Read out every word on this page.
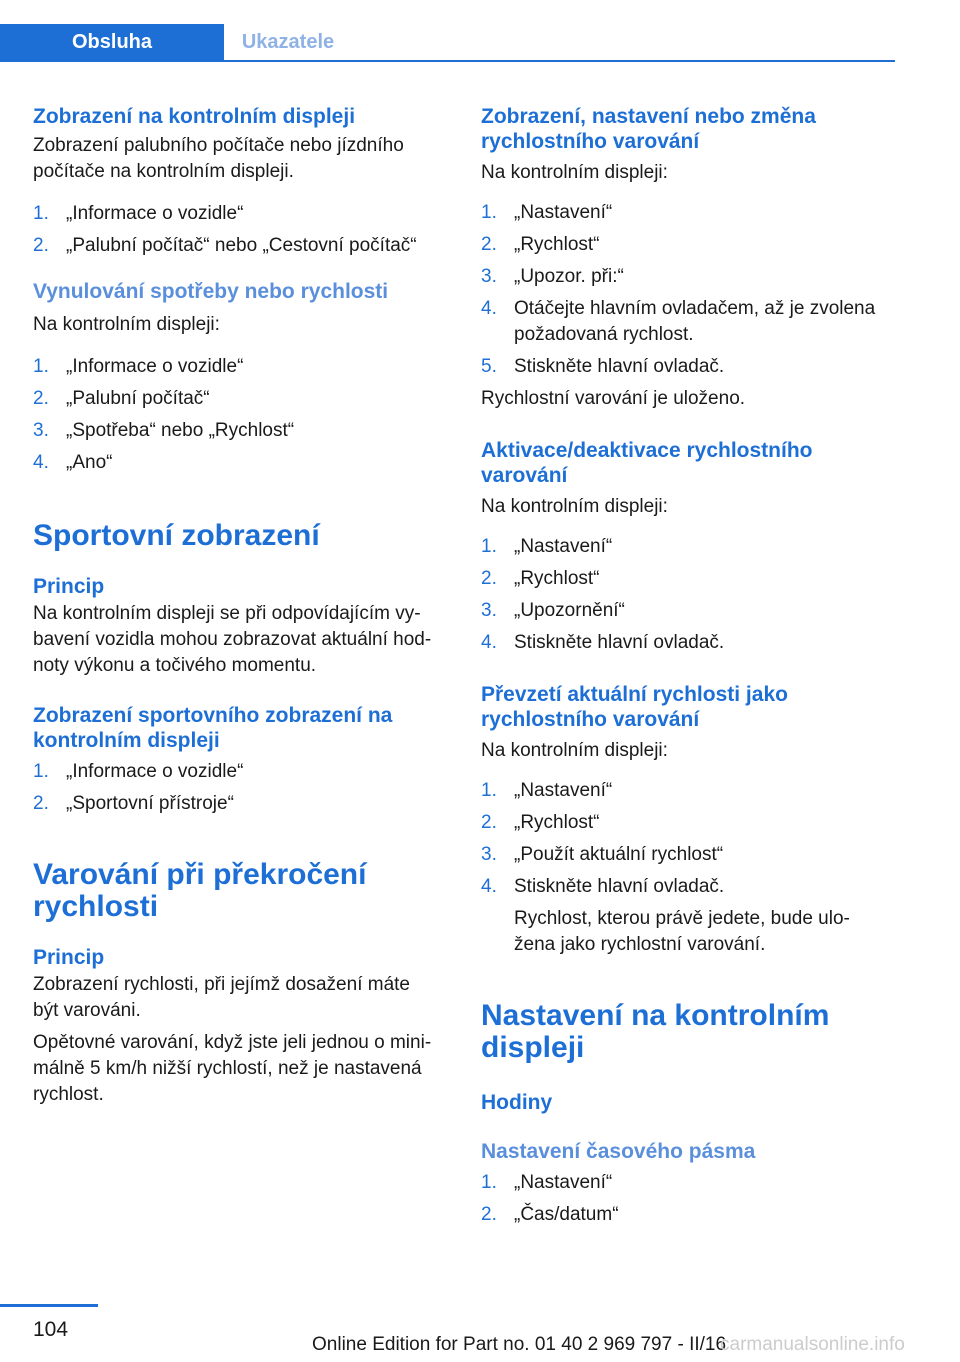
Obsluha	Ukazatele
Zobrazení na kontrolním displeji

Zobrazení palubního počítače nebo jízdního

počítače na kontrolním displeji.

1. „Informace o vozidle“
2. „Palubní počítač“ nebo „Cestovní počítač“
Vynulování spotřeby nebo rychlosti

Na kontrolním displeji:

1. „Informace o vozidle“
2. „Palubní počítač“
3. „Spotřeba“ nebo „Rychlost“
4. „Ano“
Sportovní zobrazení
Princip

Na kontrolním displeji se při odpovídajícím vy-

bavení vozidla mohou zobrazovat aktuální hod-

noty výkonu a točivého momentu.

Zobrazení sportovního zobrazení na
kontrolním displeji
1. „Informace o vozidle“
2. „Sportovní přístroje“
Varování při překročení
rychlosti
Princip

Zobrazení rychlosti, při jejímž dosažení máte

být varováni.

Opětovné varování, když jste jeli jednou o mini-

málně 5 km/h nižší rychlostí, než je nastavená

rychlost.

Zobrazení, nastavení nebo změna
rychlostního varování

Na kontrolním displeji:

1. „Nastavení“
2. „Rychlost“
3. „Upozor. při:“
4. Otáčejte hlavním ovladačem, až je zvolena
požadovaná rychlost.
5. Stiskněte hlavní ovladač.

Rychlostní varování je uloženo.

Aktivace/deaktivace rychlostního
varování

Na kontrolním displeji:

1. „Nastavení“
2. „Rychlost“
3. „Upozornění“
4. Stiskněte hlavní ovladač.
Převzetí aktuální rychlosti jako
rychlostního varování

Na kontrolním displeji:

1. „Nastavení“
2. „Rychlost“
3. „Použít aktuální rychlost“
4. Stiskněte hlavní ovladač.

Rychlost, kterou právě jedete, bude ulo-

žena jako rychlostní varování.

Nastavení na kontrolním
displeji
Hodiny
Nastavení časového pásma
1. „Nastavení“
2. „Čas/datum“
104
Online Edition for Part no. 01 40 2 969 797 - II/16
carmanualsonline.info
